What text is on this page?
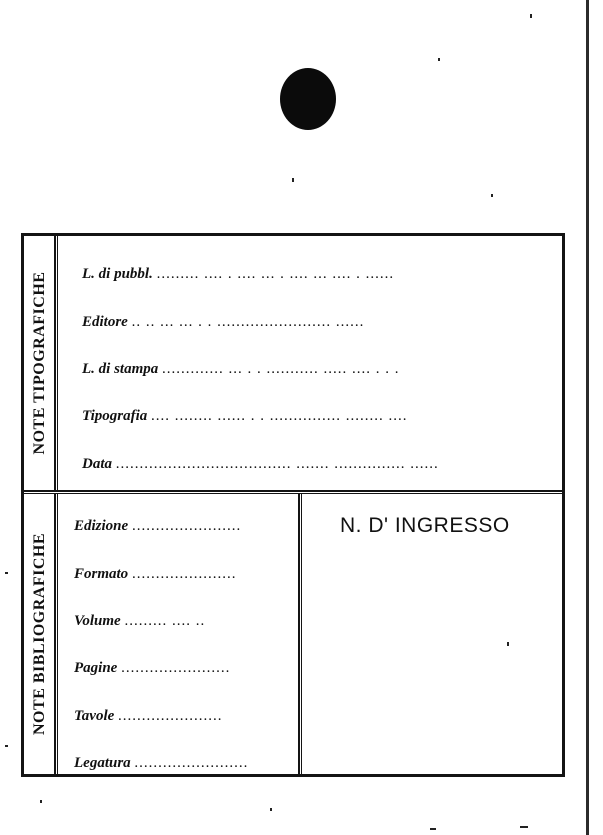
NOTE TIPOGRAFICHE L. di pubbl. ......... .... . .... ... . .... ... .... . ......
Editore .. .. ... ... . . ........................ ......
L. di stampa ............. ... . . ........... ..... .... . . .
Tipografia .... ........ ...... . . ............... ........ ....
Data ..................................... ....... ............... ......
NOTE BIBLIOGRAFICHE
Edizione .......................
Formato ......................
Volume ......... .... ..
Pagine .......................
Tavole ......................
Legatura ........................
N. D' INGRESSO
